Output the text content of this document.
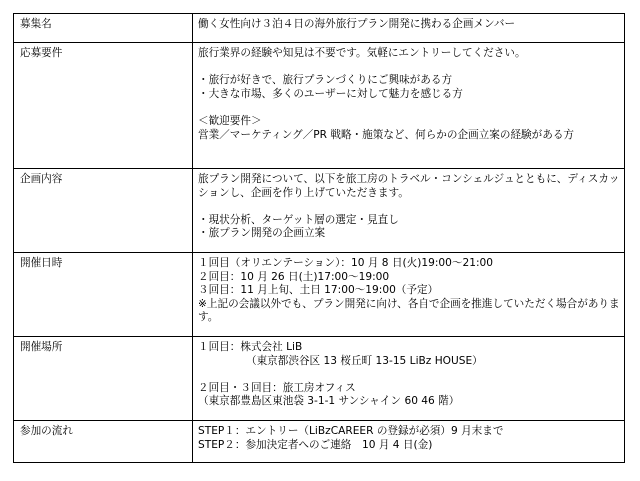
募集名	働く女性向け３泊４日の海外旅行プラン開発に携わる企画メンバー

応募要件	旅行業界の経験や知見は不要です。気軽にエントリーしてください。
・旅行が好きで、旅行プランづくりにご興味がある方
・大きな市場、多くのユーザーに対して魅力を感じる方
＜歓迎要件＞
営業／マーケティング／PR 戦略・施策など、何らかの企画立案の経験がある方

企画内容	旅プラン開発について、以下を旅工房のトラベル・コンシェルジュとともに、ディスカッションし、企画を作り上げていただきます。
・現状分析、ターゲット層の選定・見直し
・旅プラン開発の企画立案

開催日時	１回目（オリエンテーション）：10 月 8 日(火)19:00～21:00
２回目：10 月 26 日(土)17:00～19:00
３回目：11 月上旬、土日 17:00～19:00（予定）
※上記の会議以外でも、プラン開発に向け、各自で企画を推進していただく場合があります。

開催場所	１回目：株式会社 LiB
（東京都渋谷区 13 桜丘町 13-15 LiBz HOUSE）
２回目・３回目：旅工房オフィス
（東京都豊島区東池袋 3-1-1 サンシャイン 60 46 階）

参加の流れ	STEP１：エントリー（LiBzCAREER の登録が必須）9 月末まで
STEP２：参加決定者へのご連絡　10 月 4 日(金)
